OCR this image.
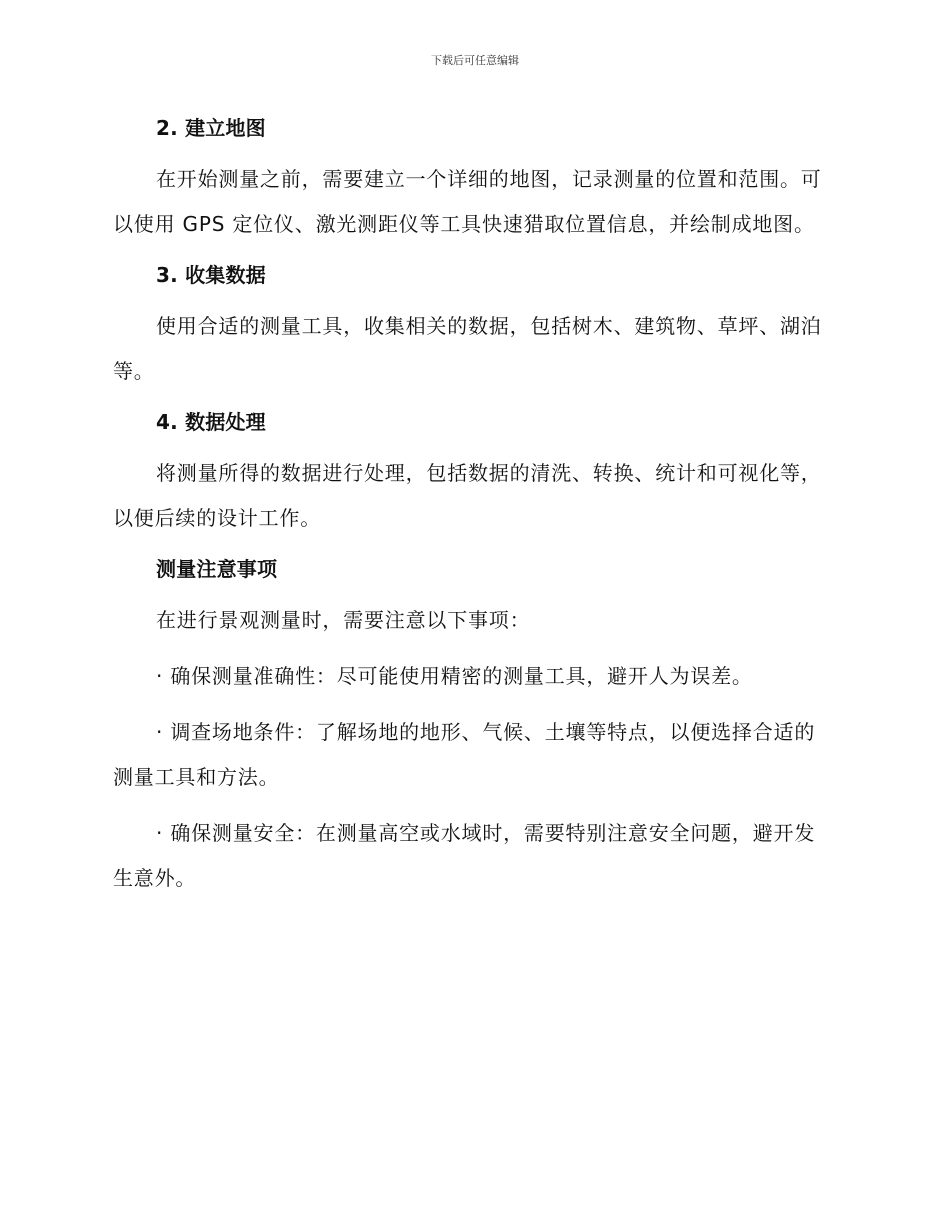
下载后可任意编辑
2. 建立地图

在开始测量之前，需要建立一个详细的地图，记录测量的位置和范围。可以使用 GPS 定位仪、激光测距仪等工具快速猎取位置信息，并绘制成地图。

3. 收集数据

使用合适的测量工具，收集相关的数据，包括树木、建筑物、草坪、湖泊等。

4. 数据处理

将测量所得的数据进行处理，包括数据的清洗、转换、统计和可视化等，以便后续的设计工作。

测量注意事项

在进行景观测量时，需要注意以下事项：

· 确保测量准确性：尽可能使用精密的测量工具，避开人为误差。

· 调查场地条件：了解场地的地形、气候、土壤等特点，以便选择合适的测量工具和方法。

· 确保测量安全：在测量高空或水域时，需要特别注意安全问题，避开发生意外。
